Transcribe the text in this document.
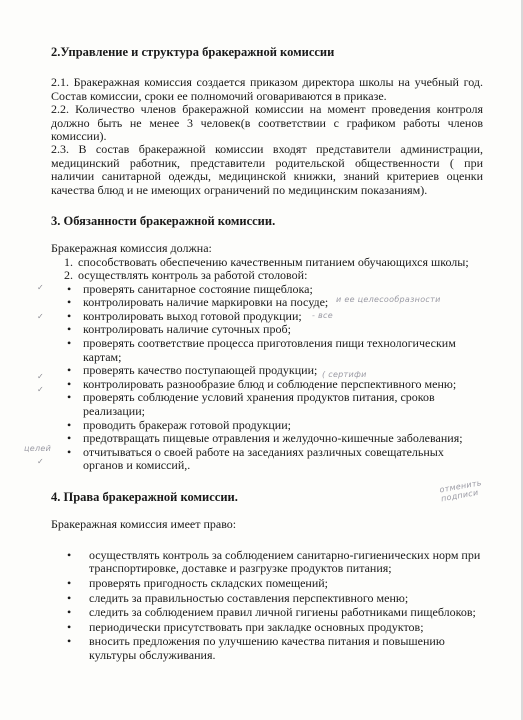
2.Управление и структура бракеражной комиссии

2.1. Бракеражная комиссия создается приказом директора школы на учебный год. Состав комиссии, сроки ее полномочий оговариваются в приказе.

2.2. Количество членов бракеражной комиссии на момент проведения контроля должно быть не менее 3 человек(в соответствии с графиком работы членов комиссии).

2.3. В состав бракеражной комиссии входят представители администрации, медицинский работник, представители родительской общественности ( при наличии санитарной одежды, медицинской книжки, знаний критериев оценки качества блюд и не имеющих ограничений по медицинским показаниям).

3. Обязанности бракеражной комиссии.

Бракеражная комиссия должна:

1. способствовать обеспечению качественным питанием обучающихся школы;
2. осуществлять контроль за работой столовой:
• проверять санитарное состояние пищеблока;
• контролировать наличие маркировки на посуде;
• контролировать выход готовой продукции;
• контролировать наличие суточных проб;
• проверять соответствие процесса приготовления пищи технологическим картам;
• проверять качество поступающей продукции;
• контролировать разнообразие блюд и соблюдение перспективного меню;
• проверять соблюдение условий хранения продуктов питания, сроков реализации;
• проводить бракераж готовой продукции;
• предотвращать пищевые отравления и желудочно-кишечные заболевания;
• отчитываться о своей работе на заседаниях различных совещательных органов и комиссий,.
4. Права бракеражной комиссии.

Бракеражная комиссия имеет право:

• осуществлять контроль за соблюдением санитарно-гигиенических норм при транспортировке, доставке и разгрузке продуктов питания;
• проверять пригодность складских помещений;
• следить за правильностью составления перспективного меню;
• следить за соблюдением правил личной гигиены работниками пищеблоков;
• периодически присутствовать при закладке основных продуктов;
• вносить предложения по улучшению качества питания и повышению культуры обслуживания.
и ее целесообразности
- все
( сертифи
целей
отменить подписи
✓
✓
✓
✓
✓
